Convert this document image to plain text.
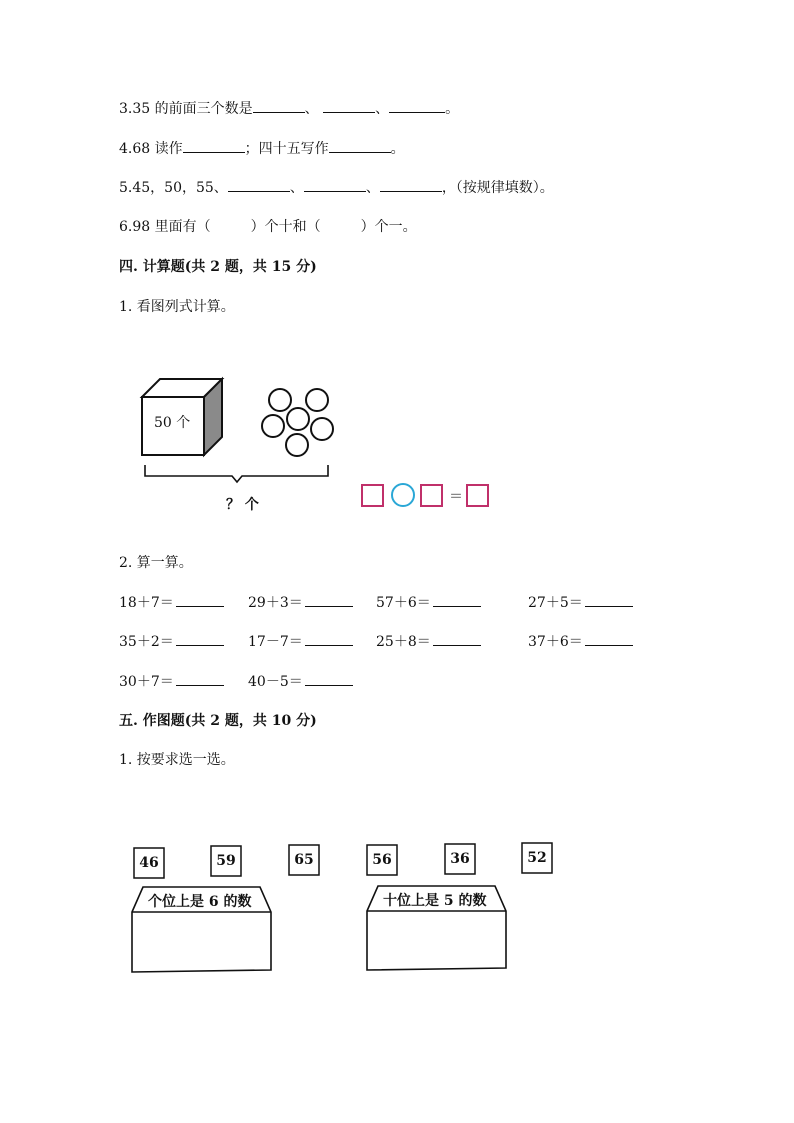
3.35 的前面三个数是	、	、	。
4.68 读作	；四十五写作	。
5.45，50，55、	、	、	，（按规律填数）。
6.98 里面有（	）个十和（	）个一。
四. 计算题(共 2 题，共 15 分)
1. 看图列式计算。
50 个
？ 个	＝
2. 算一算。
18＋7＝	29＋3＝	57＋6＝	27＋5＝
35＋2＝	17－7＝	25＋8＝	37＋6＝
30＋7＝	40－5＝
五. 作图题(共 2 题，共 10 分)
1. 按要求选一选。
46	59	65	56	36	52
个位上是 6 的数	十位上是 5 的数
